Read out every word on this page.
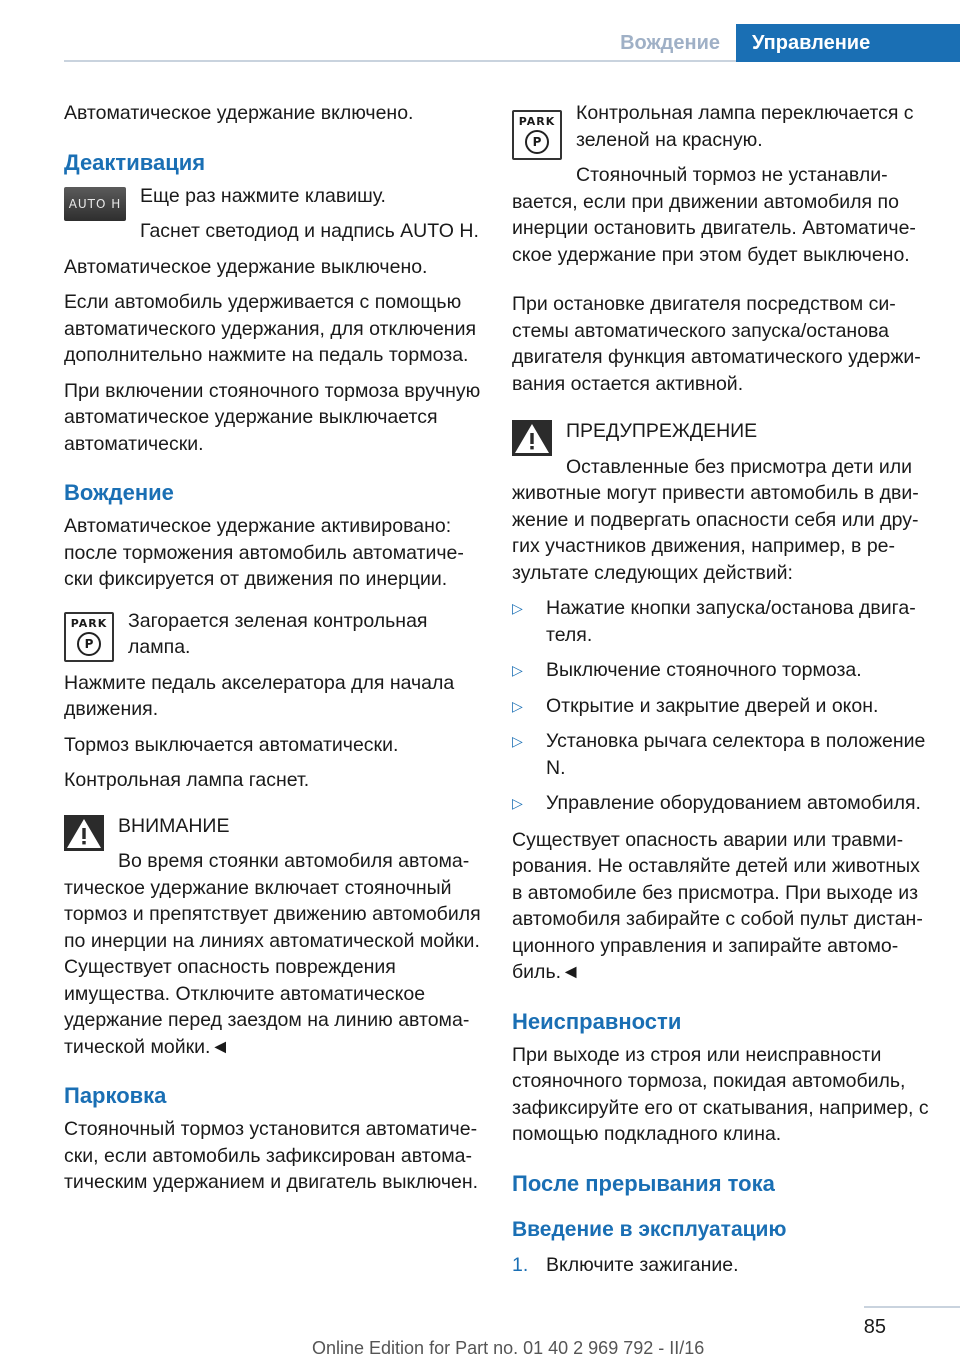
Вождение	Управление

Автоматическое удержание включено.

Деактивация
AUTO H Еще раз нажмите клавишу.

Гаснет светодиод и надпись AUTO H.

Автоматическое удержание выключено.

Если автомобиль удерживается с помощью автоматического удержания, для отключения дополнительно нажмите на педаль тормоза.

При включении стояночного тормоза вручную автоматическое удержание выключается автоматически.

Вождение

Автоматическое удержание активировано: после торможения автомобиль автоматически фиксируется от движения по инерции.

PARK
P

Загорается зеленая контрольная лампа.

Нажмите педаль акселератора для начала движения.

Тормоз выключается автоматически.

Контрольная лампа гаснет.

ВНИМАНИЕ

Во время стоянки автомобиля автоматическое удержание включает стояночный тормоз и препятствует движению автомобиля по инерции на линиях автоматической мойки. Существует опасность повреждения имущества. Отключите автоматическое удержание перед заездом на линию автоматической мойки.◄

Парковка

Стояночный тормоз установится автоматически, если автомобиль зафиксирован автоматическим удержанием и двигатель выключен.

PARK
P

Контрольная лампа переключается с зеленой на красную.

Стояночный тормоз не устанавливается, если при движении автомобиля по инерции остановить двигатель. Автоматическое удержание при этом будет выключено.

При остановке двигателя посредством системы автоматического запуска/останова двигателя функция автоматического удерживания остается активной.

ПРЕДУПРЕЖДЕНИЕ

Оставленные без присмотра дети или животные могут привести автомобиль в движение и подвергать опасности себя или других участников движения, например, в результате следующих действий:

▷ Нажатие кнопки запуска/останова двигателя.
▷ Выключение стояночного тормоза.
▷ Открытие и закрытие дверей и окон.
▷ Установка рычага селектора в положение N.
▷ Управление оборудованием автомобиля.

Существует опасность аварии или травмирования. Не оставляйте детей или животных в автомобиле без присмотра. При выходе из автомобиля забирайте с собой пульт дистанционного управления и запирайте автомобиль.◄

Неисправности

При выходе из строя или неисправности стояночного тормоза, покидая автомобиль, зафиксируйте его от скатывания, например, с помощью подкладного клина.

После прерывания тока
Введение в эксплуатацию
1. Включите зажигание.
85
Online Edition for Part no. 01 40 2 969 792 - II/16
